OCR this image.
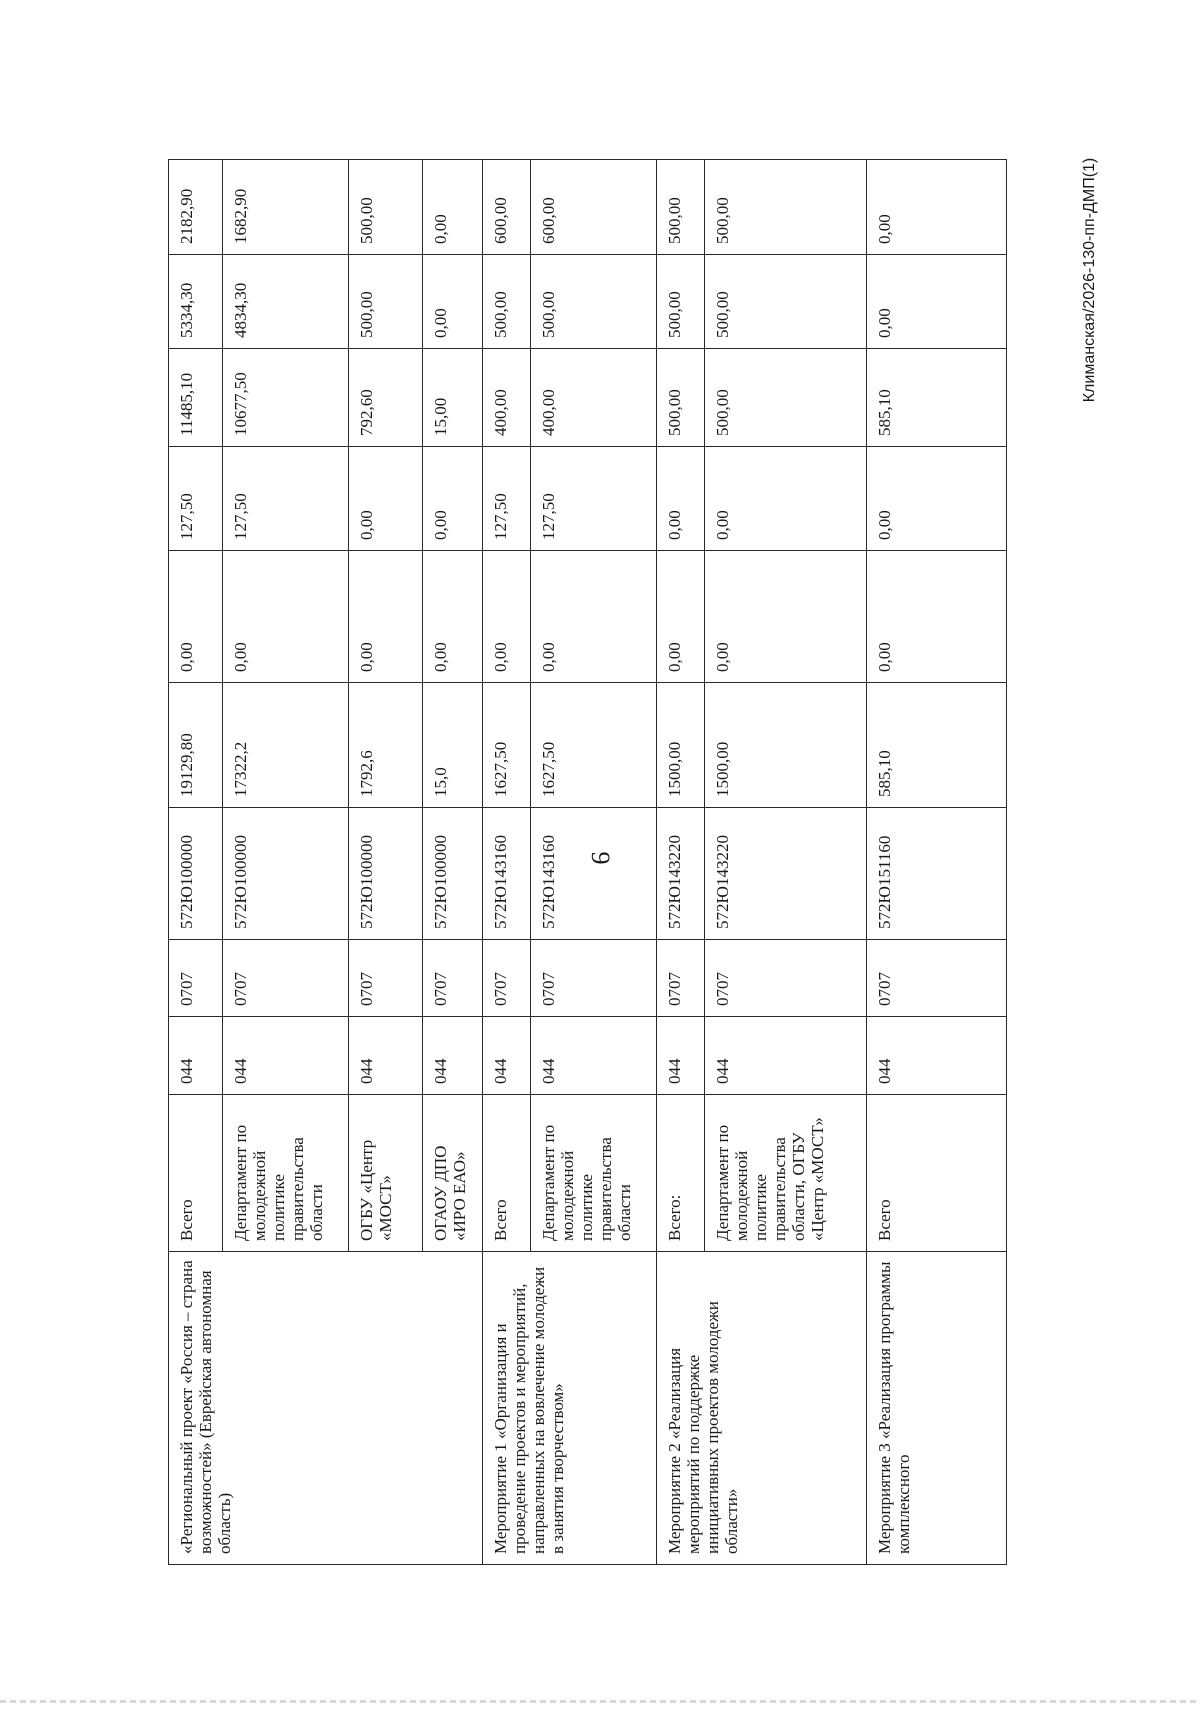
9
Климанская/2026-130-пп-ДМП(1)
«Региональный проект «Россия – страна возможностей» (Еврейская автономная область)	Всего	044	0707	572Ю100000	19129,80	0,00	127,50	11485,10	5334,30	2182,90
	Департамент по молодежной политике правительства области	044	0707	572Ю100000	17322,2	0,00	127,50	10677,50	4834,30	1682,90
	ОГБУ «Центр «МОСТ»	044	0707	572Ю100000	1792,6	0,00	0,00	792,60	500,00	500,00
	ОГАОУ ДПО «ИРО ЕАО»	044	0707	572Ю100000	15,0	0,00	0,00	15,00	0,00	0,00
Мероприятие 1 «Организация и проведение проектов и мероприятий, направленных на вовлечение молодежи в занятия творчеством»	Всего	044	0707	572Ю143160	1627,50	0,00	127,50	400,00	500,00	600,00
	Департамент по молодежной политике правительства области	044	0707	572Ю143160	1627,50	0,00	127,50	400,00	500,00	600,00
Мероприятие 2 «Реализация мероприятий по поддержке инициативных проектов молодежи области»	Всего:	044	0707	572Ю143220	1500,00	0,00	0,00	500,00	500,00	500,00
	Департамент по молодежной политике правительства области, ОГБУ «Центр «МОСТ»	044	0707	572Ю143220	1500,00	0,00	0,00	500,00	500,00	500,00
Мероприятие 3 «Реализация программы комплексного	Всего	044	0707	572Ю151160	585,10	0,00	0,00	585,10	0,00	0,00
